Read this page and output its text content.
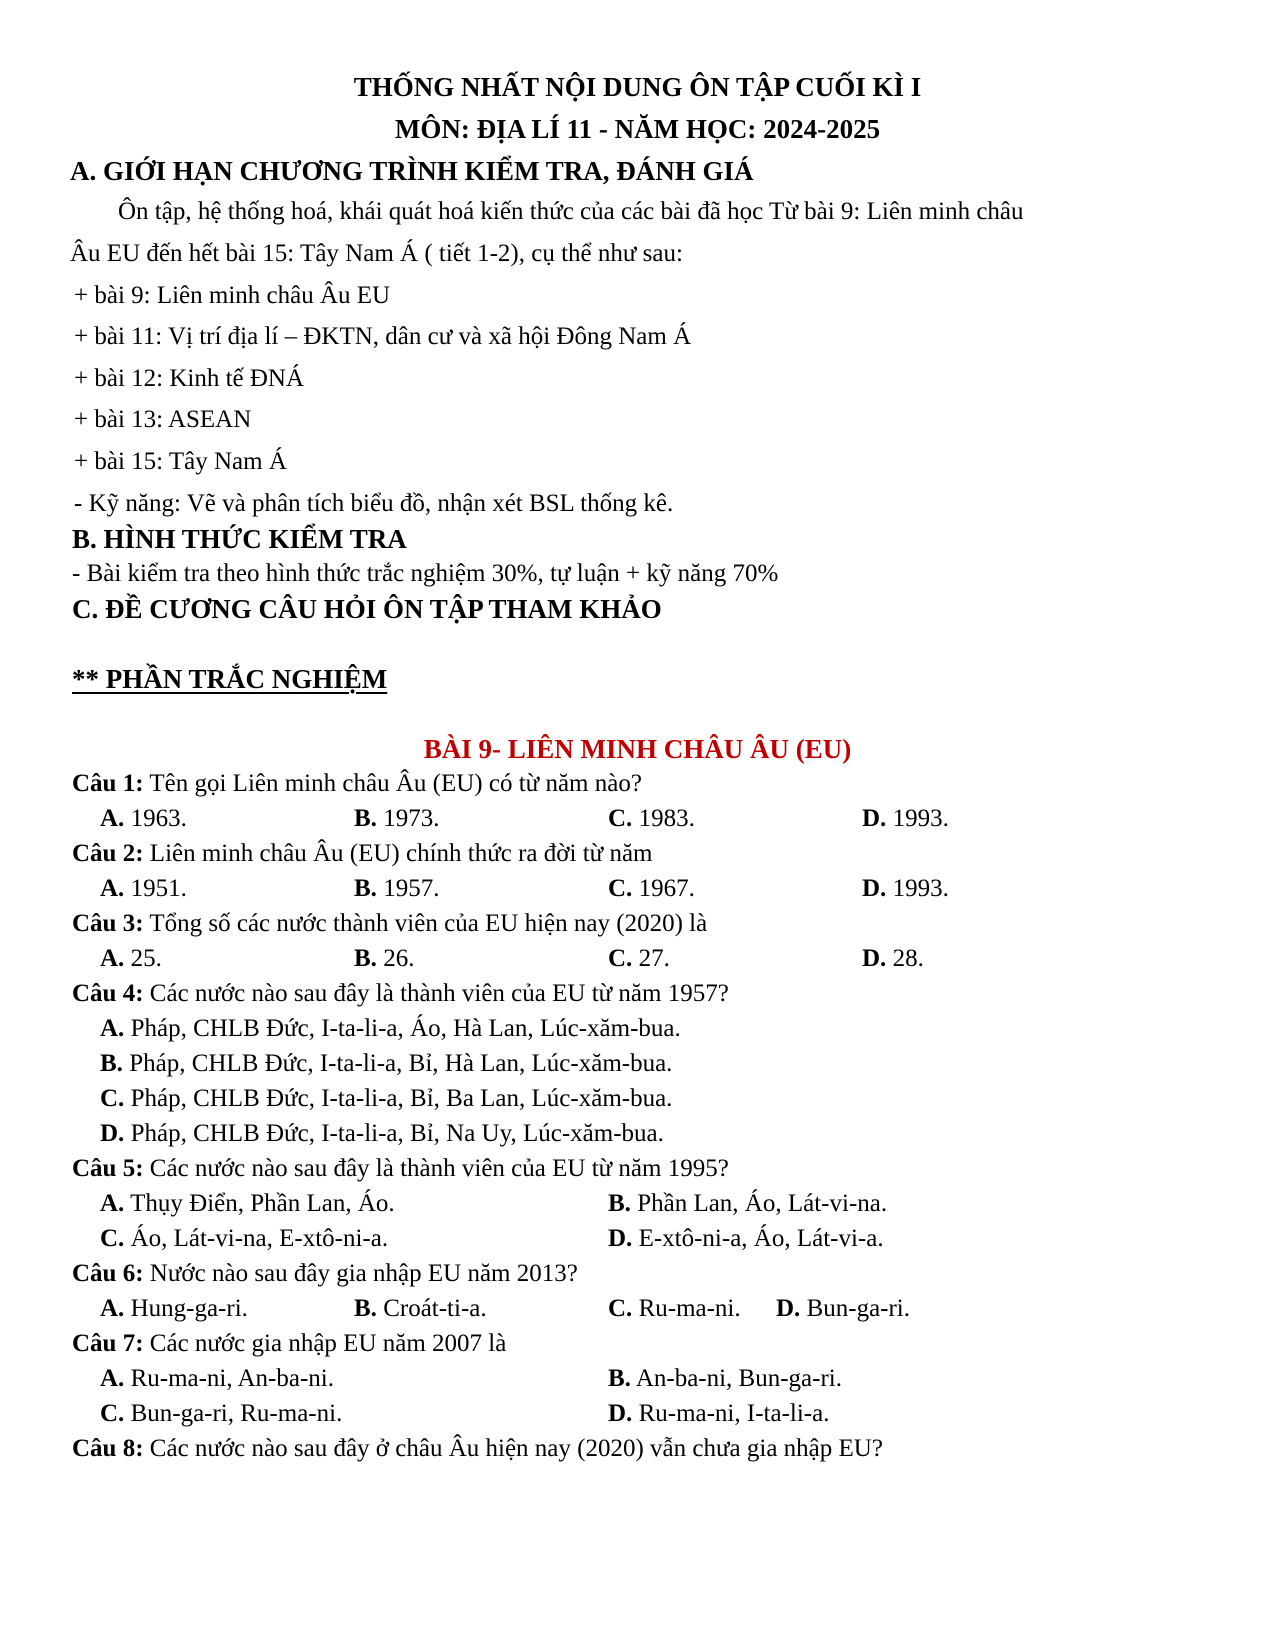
THỐNG NHẤT NỘI DUNG ÔN TẬP CUỐI KÌ I
MÔN: ĐỊA LÍ 11 - NĂM HỌC: 2024-2025
A. GIỚI HẠN CHƯƠNG TRÌNH KIỂM TRA, ĐÁNH GIÁ
Ôn tập, hệ thống hoá, khái quát hoá kiến thức của các bài đã học Từ bài 9: Liên minh châu
Âu EU đến hết bài 15: Tây Nam Á ( tiết 1-2), cụ thể như sau:
+ bài 9: Liên minh châu Âu EU
+ bài 11: Vị trí địa lí – ĐKTN, dân cư và xã hội Đông Nam Á
+ bài 12: Kinh tế ĐNÁ
+ bài 13: ASEAN
+ bài 15: Tây Nam Á
- Kỹ năng: Vẽ và phân tích biểu đồ, nhận xét BSL thống kê.
B. HÌNH THỨC KIỂM TRA
- Bài kiểm tra theo hình thức trắc nghiệm 30%, tự luận + kỹ năng 70%
C. ĐỀ CƯƠNG CÂU HỎI ÔN TẬP THAM KHẢO
** PHẦN TRẮC NGHIỆM
BÀI 9- LIÊN MINH CHÂU ÂU (EU)
Câu 1: Tên gọi Liên minh châu Âu (EU) có từ năm nào?
A. 1963.	B. 1973.	C. 1983.	D. 1993.
Câu 2: Liên minh châu Âu (EU) chính thức ra đời từ năm
A. 1951.	B. 1957.	C. 1967.	D. 1993.
Câu 3: Tổng số các nước thành viên của EU hiện nay (2020) là
A. 25.	B. 26.	C. 27.	D. 28.
Câu 4: Các nước nào sau đây là thành viên của EU từ năm 1957?
A. Pháp, CHLB Đức, I-ta-li-a, Áo, Hà Lan, Lúc-xăm-bua.
B. Pháp, CHLB Đức, I-ta-li-a, Bỉ, Hà Lan, Lúc-xăm-bua.
C. Pháp, CHLB Đức, I-ta-li-a, Bỉ, Ba Lan, Lúc-xăm-bua.
D. Pháp, CHLB Đức, I-ta-li-a, Bỉ, Na Uy, Lúc-xăm-bua.
Câu 5: Các nước nào sau đây là thành viên của EU từ năm 1995?
A. Thụy Điển, Phần Lan, Áo.	B. Phần Lan, Áo, Lát-vi-na.
C. Áo, Lát-vi-na, E-xtô-ni-a.	D. E-xtô-ni-a, Áo, Lát-vi-a.
Câu 6: Nước nào sau đây gia nhập EU năm 2013?
A. Hung-ga-ri.	B. Croát-ti-a.	C. Ru-ma-ni. D. Bun-ga-ri.
Câu 7: Các nước gia nhập EU năm 2007 là
A. Ru-ma-ni, An-ba-ni.	B. An-ba-ni, Bun-ga-ri.
C. Bun-ga-ri, Ru-ma-ni.	D. Ru-ma-ni, I-ta-li-a.
Câu 8: Các nước nào sau đây ở châu Âu hiện nay (2020) vẫn chưa gia nhập EU?
